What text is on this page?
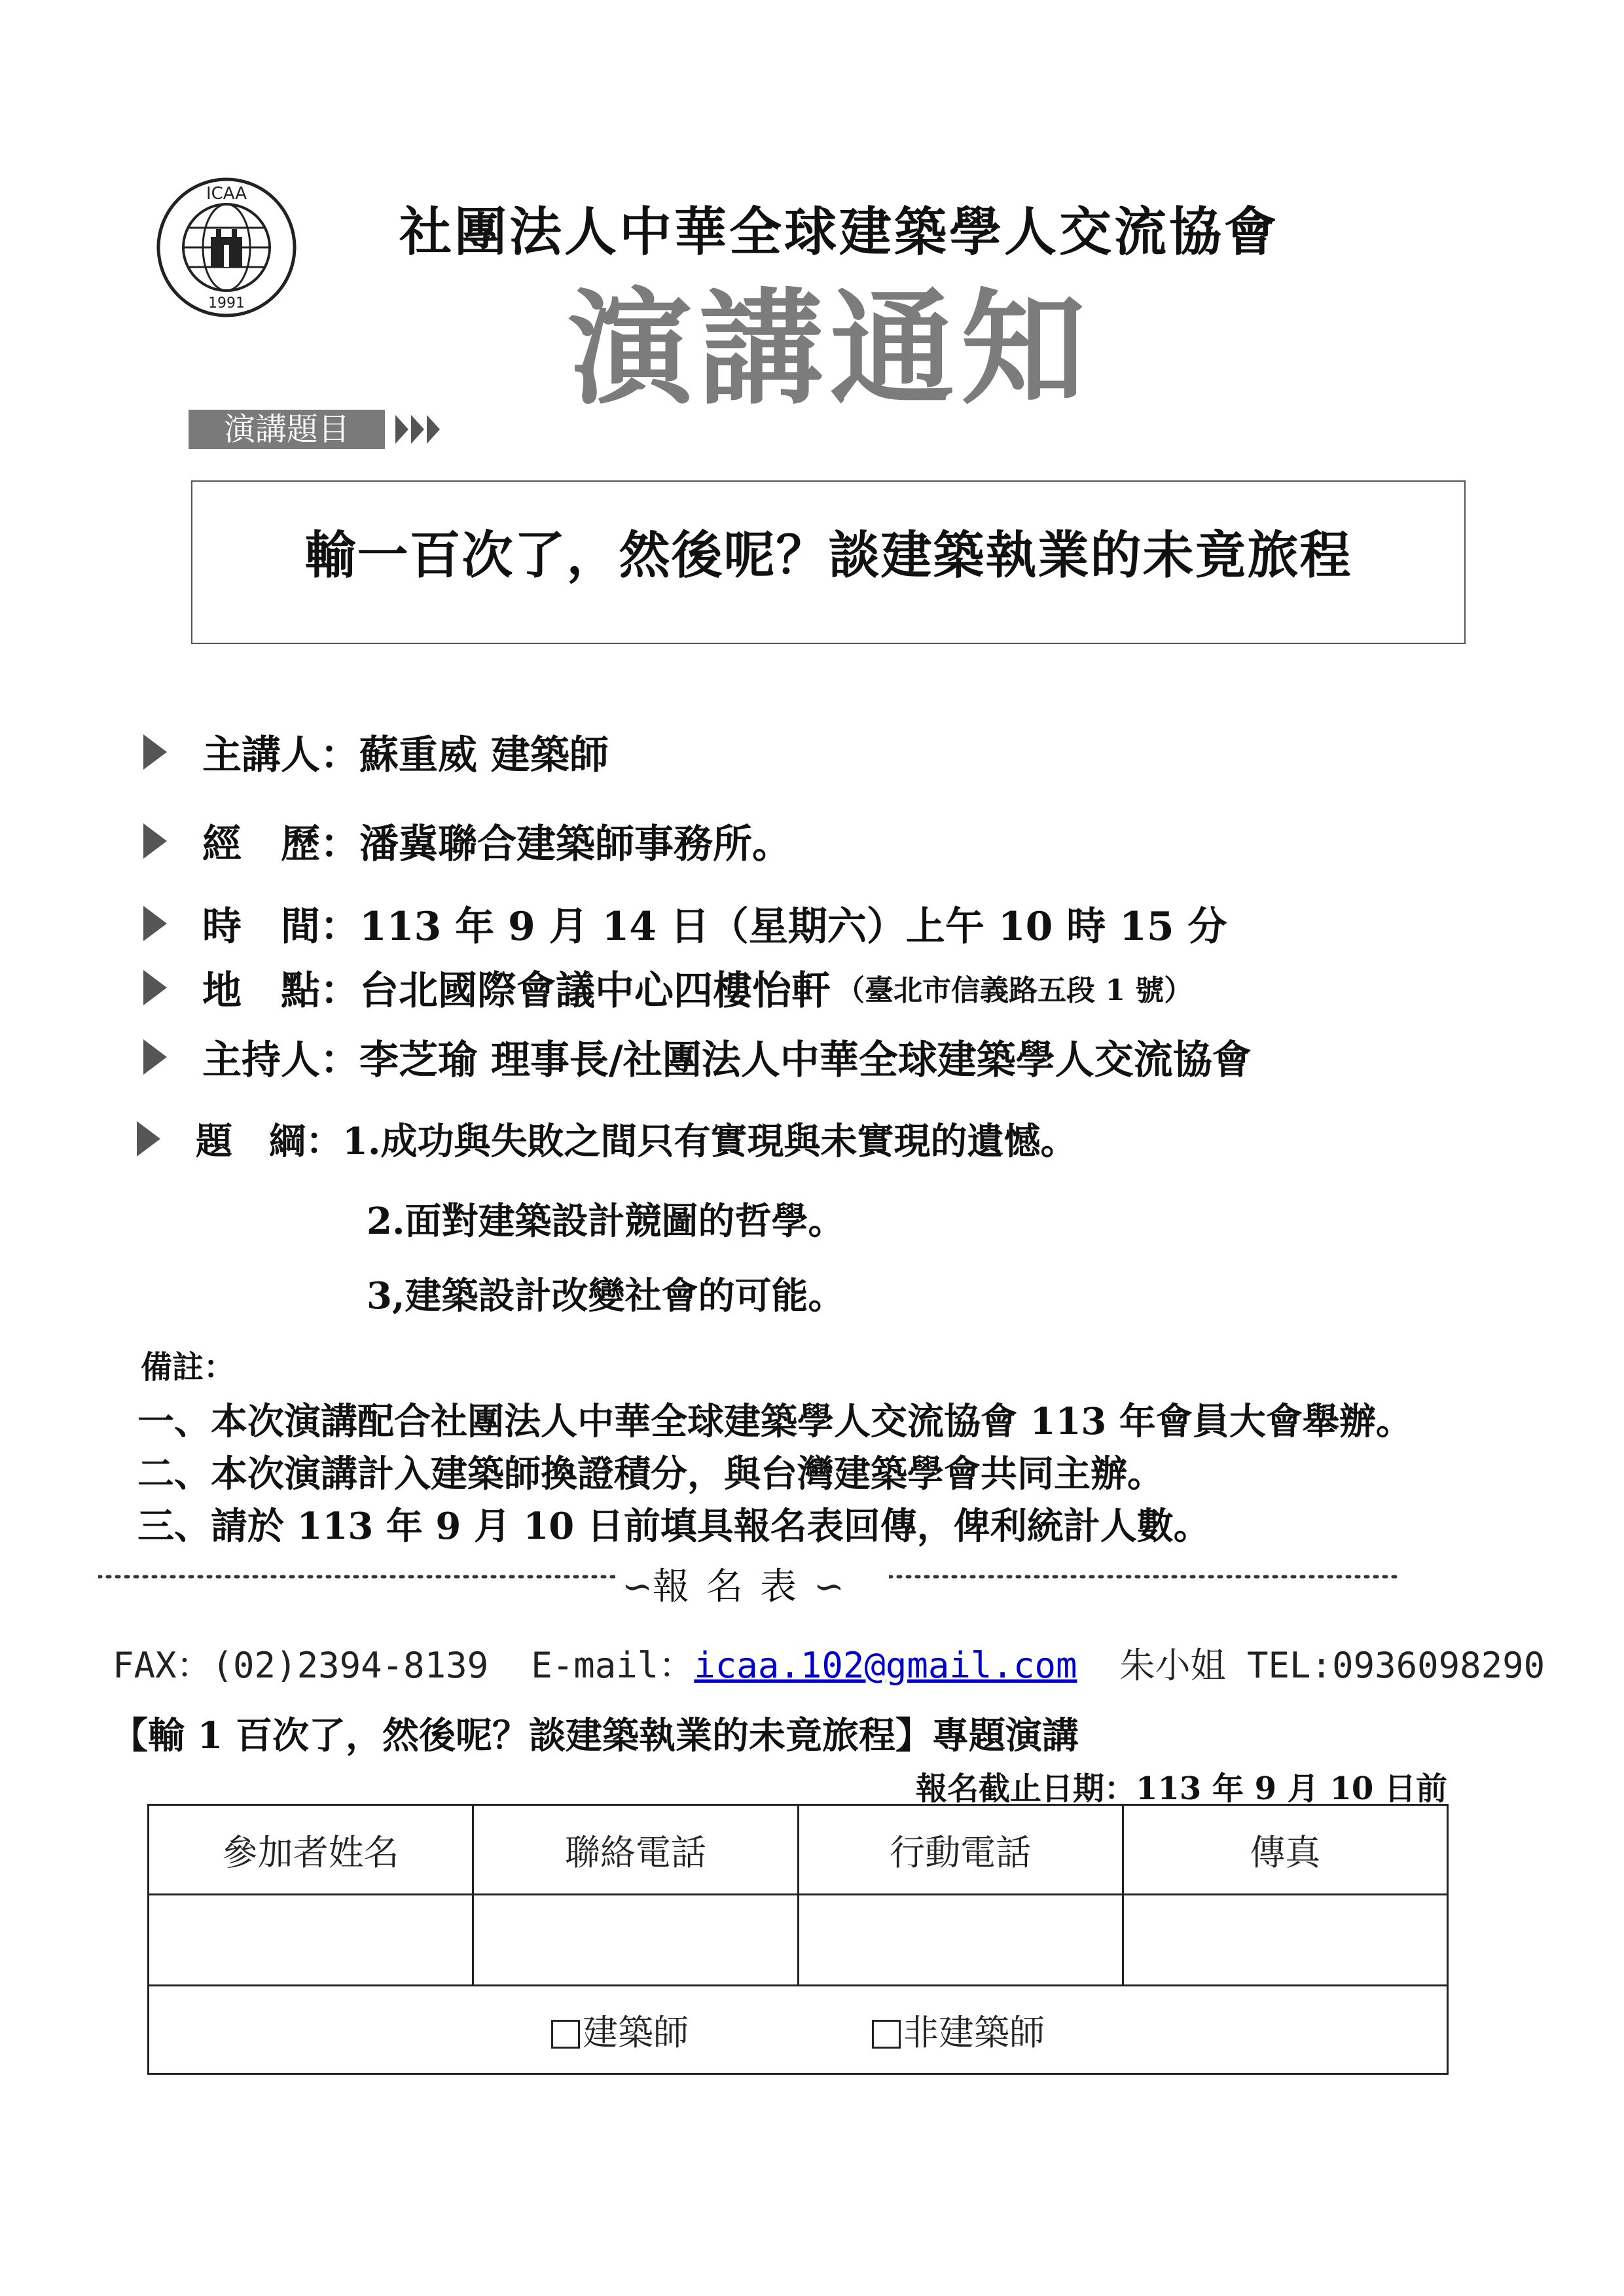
ICAA
1991
社團法人中華全球建築學人交流協會
演講通知
演講題目
輸一百次了，然後呢？談建築執業的未竟旅程
主講人： 蘇重威 建築師
經　歷： 潘冀聯合建築師事務所。
時　間： 113 年 9 月 14 日（星期六）上午 10 時 15 分
地　點： 台北國際會議中心四樓怡軒 （臺北市信義路五段 1 號）
主持人： 李芝瑜 理事長/社團法人中華全球建築學人交流協會
題　綱： 1.成功與失敗之間只有實現與未實現的遺憾。
2.面對建築設計競圖的哲學。
3,建築設計改變社會的可能。
備註：
一、本次演講配合社團法人中華全球建築學人交流協會 113 年會員大會舉辦。
二、本次演講計入建築師換證積分，與台灣建築學會共同主辦。
三、請於 113 年 9 月 10 日前填具報名表回傳，俾利統計人數。
∽報名表∽
FAX：(02)2394-8139 E-mail：icaa.102@gmail.com 朱小姐 TEL:0936098290
【輸 1 百次了，然後呢？談建築執業的未竟旅程】專題演講
報名截止日期：113 年 9 月 10 日前
參加者姓名	聯絡電話	行動電話	傳真

建築師 非建築師			
